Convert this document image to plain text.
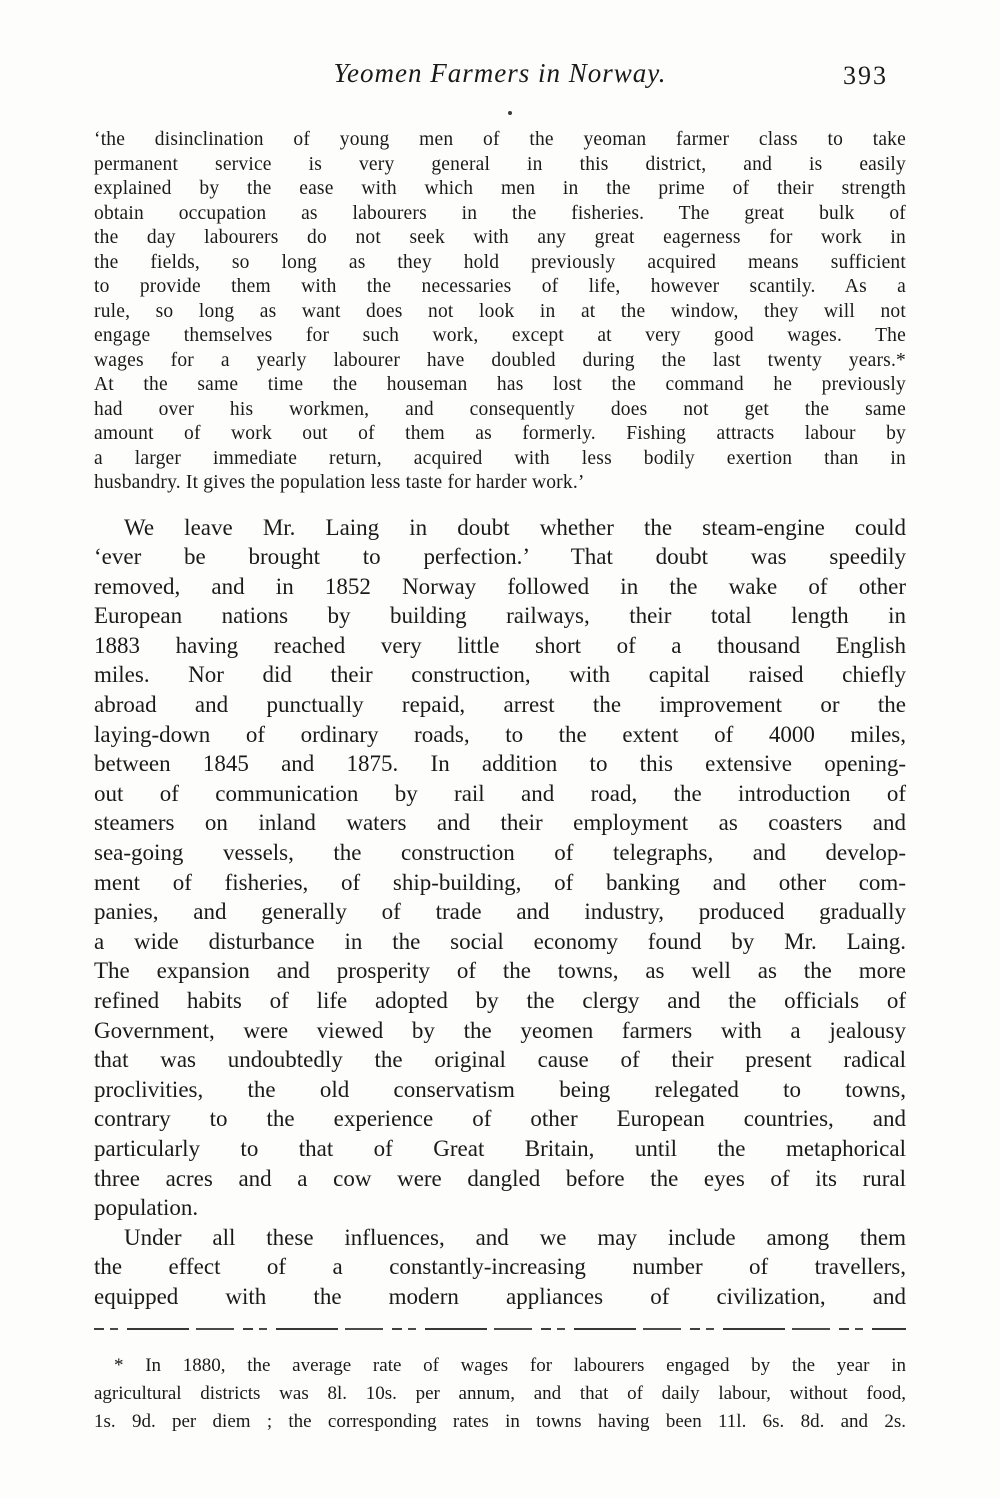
Yeomen Farmers in Norway.	393
‘the disinclination of young men of the yeoman farmer class to take
permanent service is very general in this district, and is easily
explained by the ease with which men in the prime of their strength
obtain occupation as labourers in the fisheries. The great bulk of
the day labourers do not seek with any great eagerness for work in
the fields, so long as they hold previously acquired means sufficient
to provide them with the necessaries of life, however scantily. As a
rule, so long as want does not look in at the window, they will not
engage themselves for such work, except at very good wages. The
wages for a yearly labourer have doubled during the last twenty years.*
At the same time the houseman has lost the command he previously
had over his workmen, and consequently does not get the same
amount of work out of them as formerly. Fishing attracts labour by
a larger immediate return, acquired with less bodily exertion than in
husbandry. It gives the population less taste for harder work.’
We leave Mr. Laing in doubt whether the steam-engine could
‘ever be brought to perfection.’ That doubt was speedily
removed, and in 1852 Norway followed in the wake of other
European nations by building railways, their total length in
1883 having reached very little short of a thousand English
miles. Nor did their construction, with capital raised chiefly
abroad and punctually repaid, arrest the improvement or the
laying-down of ordinary roads, to the extent of 4000 miles,
between 1845 and 1875. In addition to this extensive opening-
out of communication by rail and road, the introduction of
steamers on inland waters and their employment as coasters and
sea-going vessels, the construction of telegraphs, and develop-
ment of fisheries, of ship-building, of banking and other com-
panies, and generally of trade and industry, produced gradually
a wide disturbance in the social economy found by Mr. Laing.
The expansion and prosperity of the towns, as well as the more
refined habits of life adopted by the clergy and the officials of
Government, were viewed by the yeomen farmers with a jealousy
that was undoubtedly the original cause of their present radical
proclivities, the old conservatism being relegated to towns,
contrary to the experience of other European countries, and
particularly to that of Great Britain, until the metaphorical
three acres and a cow were dangled before the eyes of its rural
population.
Under all these influences, and we may include among them
the effect of a constantly-increasing number of travellers,
equipped with the modern appliances of civilization, and
* In 1880, the average rate of wages for labourers engaged by the year in
agricultural districts was 8l. 10s. per annum, and that of daily labour, without food,
1s. 9d. per diem ; the corresponding rates in towns having been 11l. 6s. 8d. and 2s.
